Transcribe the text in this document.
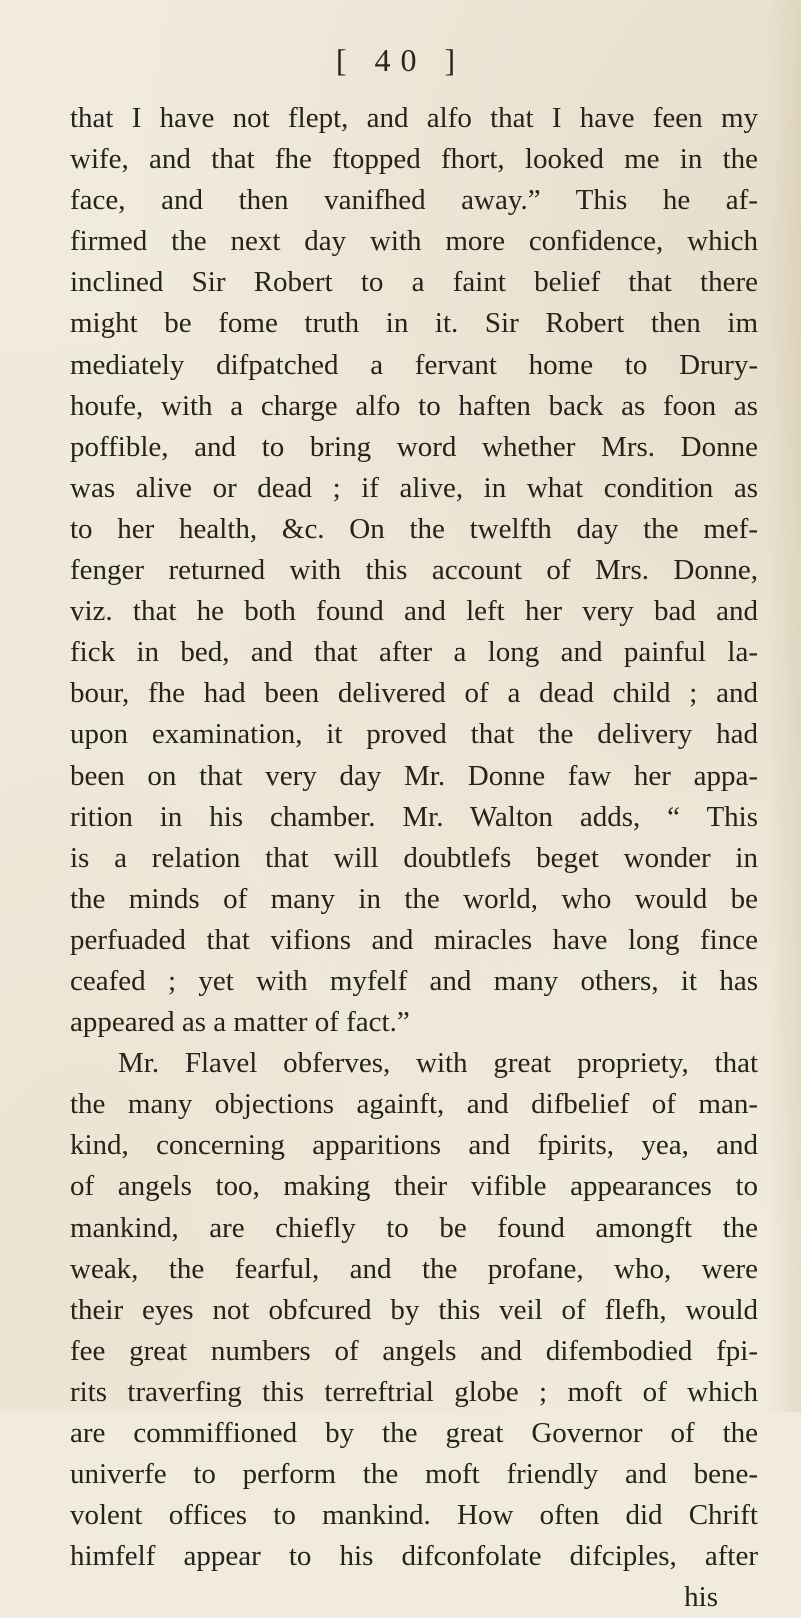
[ 40 ]
that I have not flept, and alfo that I have feen my
wife, and that fhe ftopped fhort, looked me in the
face, and then vanifhed away.” This he af-
firmed the next day with more confidence, which
inclined Sir Robert to a faint belief that there
might be fome truth in it. Sir Robert then im
mediately difpatched a fervant home to Drury-
houfe, with a charge alfo to haften back as foon as
poffible, and to bring word whether Mrs. Donne
was alive or dead ; if alive, in what condition as
to her health, &c. On the twelfth day the mef-
fenger returned with this account of Mrs. Donne,
viz. that he both found and left her very bad and
fick in bed, and that after a long and painful la-
bour, fhe had been delivered of a dead child ; and
upon examination, it proved that the delivery had
been on that very day Mr. Donne faw her appa-
rition in his chamber. Mr. Walton adds, “ This
is a relation that will doubtlefs beget wonder in
the minds of many in the world, who would be
perfuaded that vifions and miracles have long fince
ceafed ; yet with myfelf and many others, it has
appeared as a matter of fact.”
Mr. Flavel obferves, with great propriety, that
the many objections againft, and difbelief of man-
kind, concerning apparitions and fpirits, yea, and
of angels too, making their vifible appearances to
mankind, are chiefly to be found amongft the
weak, the fearful, and the profane, who, were
their eyes not obfcured by this veil of flefh, would
fee great numbers of angels and difembodied fpi-
rits traverfing this terreftrial globe ; moft of which
are commiffioned by the great Governor of the
univerfe to perform the moft friendly and bene-
volent offices to mankind. How often did Chrift
himfelf appear to his difconfolate difciples, after
his
